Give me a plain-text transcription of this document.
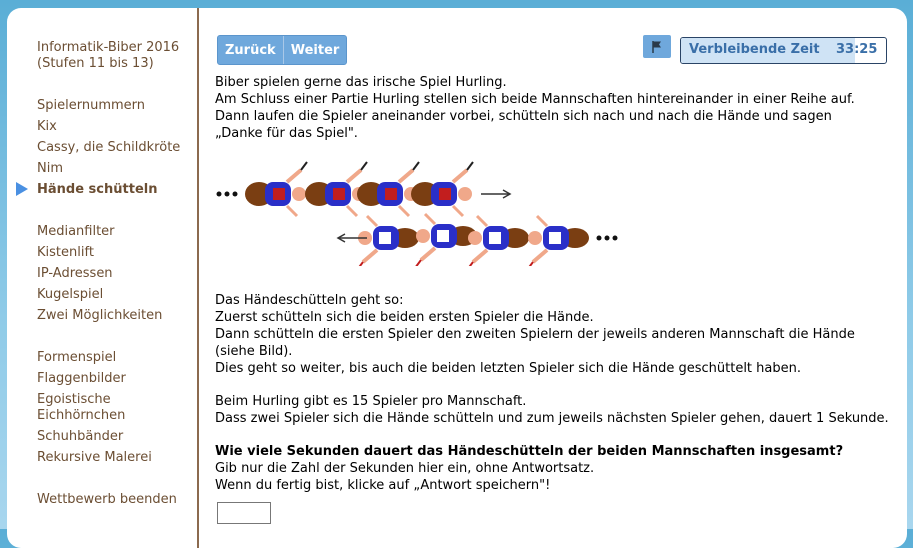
Informatik-Biber 2016 (Stufen 11 bis 13)
Spielernummern
Kix
Cassy, die Schildkröte
Nim
Hände schütteln
Medianfilter
Kistenlift
IP-Adressen
Kugelspiel
Zwei Möglichkeiten
Formenspiel
Flaggenbilder
Egoistische Eichhörnchen
Schuhbänder
Rekursive Malerei
Wettbewerb beenden
Zurück	Weiter	Verbleibende Zeit 33:25

Biber spielen gerne das irische Spiel Hurling.

Am Schluss einer Partie Hurling stellen sich beide Mannschaften hintereinander in einer Reihe auf.

Dann laufen die Spieler aneinander vorbei, schütteln sich nach und nach die Hände und sagen

„Danke für das Spiel".

Das Händeschütteln geht so:

Zuerst schütteln sich die beiden ersten Spieler die Hände.

Dann schütteln die ersten Spieler den zweiten Spielern der jeweils anderen Mannschaft die Hände (siehe Bild).

Dies geht so weiter, bis auch die beiden letzten Spieler sich die Hände geschüttelt haben.

Beim Hurling gibt es 15 Spieler pro Mannschaft.

Dass zwei Spieler sich die Hände schütteln und zum jeweils nächsten Spieler gehen, dauert 1 Sekunde.

Wie viele Sekunden dauert das Händeschütteln der beiden Mannschaften insgesamt?

Gib nur die Zahl der Sekunden hier ein, ohne Antwortsatz.

Wenn du fertig bist, klicke auf „Antwort speichern"!
